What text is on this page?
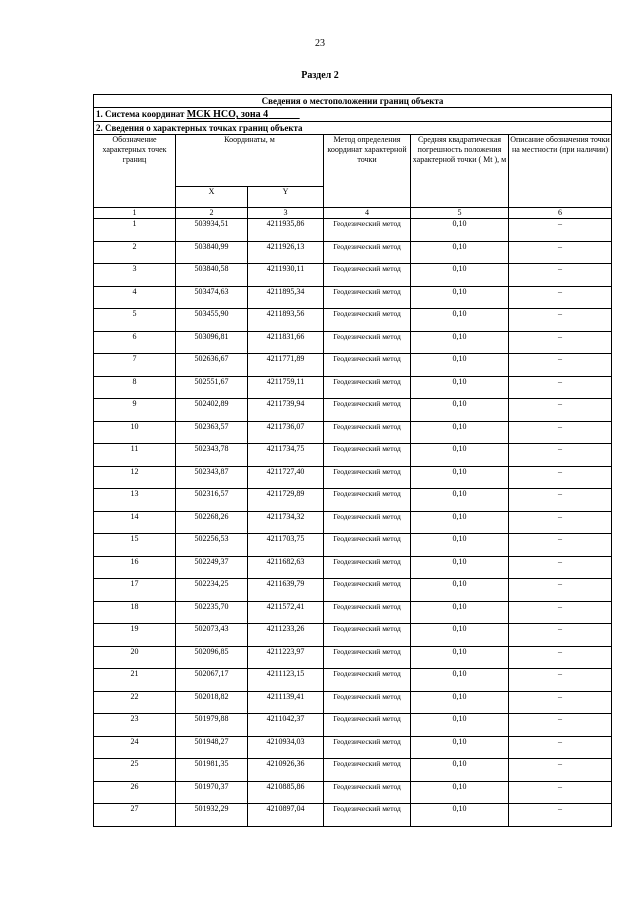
23
Раздел 2
Сведения о местоположении границ объекта					
1. Система координат МСК НСО, зона 4					
2. Сведения о характерных точках границ объекта					
Обозначение характерных точек границ	Координаты, м		Метод определения координат характерной точки	Средняя квадратическая погрешность положения характерной точки ( Mt ), м	Описание обозначения точки на местности (при наличии)
	X	Y			
1	2	3	4	5	6
1	503934,51	4211935,86	Геодезический метод	0,10	–
2	503840,99	4211926,13	Геодезический метод	0,10	–
3	503840,58	4211930,11	Геодезический метод	0,10	–
4	503474,63	4211895,34	Геодезический метод	0,10	–
5	503455,90	4211893,56	Геодезический метод	0,10	–
6	503096,81	4211831,66	Геодезический метод	0,10	–
7	502636,67	4211771,89	Геодезический метод	0,10	–
8	502551,67	4211759,11	Геодезический метод	0,10	–
9	502402,89	4211739,94	Геодезический метод	0,10	–
10	502363,57	4211736,07	Геодезический метод	0,10	–
11	502343,78	4211734,75	Геодезический метод	0,10	–
12	502343,87	4211727,40	Геодезический метод	0,10	–
13	502316,57	4211729,89	Геодезический метод	0,10	–
14	502268,26	4211734,32	Геодезический метод	0,10	–
15	502256,53	4211703,75	Геодезический метод	0,10	–
16	502249,37	4211682,63	Геодезический метод	0,10	–
17	502234,25	4211639,79	Геодезический метод	0,10	–
18	502235,70	4211572,41	Геодезический метод	0,10	–
19	502073,43	4211233,26	Геодезический метод	0,10	–
20	502096,85	4211223,97	Геодезический метод	0,10	–
21	502067,17	4211123,15	Геодезический метод	0,10	–
22	502018,82	4211139,41	Геодезический метод	0,10	–
23	501979,88	4211042,37	Геодезический метод	0,10	–
24	501948,27	4210934,03	Геодезический метод	0,10	–
25	501981,35	4210926,36	Геодезический метод	0,10	–
26	501970,37	4210885,86	Геодезический метод	0,10	–
27	501932,29	4210897,04	Геодезический метод	0,10	–
